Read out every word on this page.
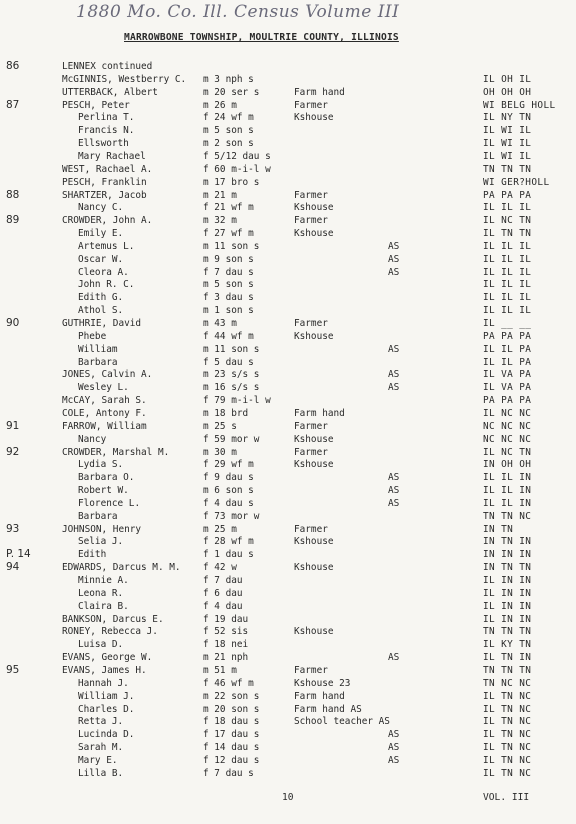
1880 Mo. Co. Ill. Census Volume III
MARROWBONE TOWNSHIP, MOULTRIE COUNTY, ILLINOIS
86	LENNEX continued
McGINNIS, Westberry C. m 3 nph s	IL OH IL
UTTERBACK, Albert	m 20 ser s	Farm hand	OH OH OH
87	PESCH, Peter	m 26 m	Farmer	WI BELG HOLL
Perlina T.	f 24 wf m	Kshouse	IL NY TN
Francis N.	m 5 son s	IL WI IL
Ellsworth	m 2 son s	IL WI IL
Mary Rachael	f 5/12 dau s	IL WI IL
WEST, Rachael A.	f 60 m-i-l w	TN TN TN
PESCH, Franklin	m 17 bro s	WI GER?HOLL
88	SHARTZER, Jacob	m 21 m	Farmer	PA PA PA
Nancy C.	f 21 wf m	Kshouse	IL IL IL
89	CROWDER, John A.	m 32 m	Farmer	IL NC TN
Emily E.	f 27 wf m	Kshouse	IL TN TN
Artemus L.	m 11 son s	AS	IL IL IL
Oscar W.	m 9 son s	AS	IL IL IL
Cleora A.	f 7 dau s	AS	IL IL IL
John R. C.	m 5 son s	IL IL IL
Edith G.	f 3 dau s	IL IL IL
Athol S.	m 1 son s	IL IL IL
90	GUTHRIE, David	m 43 m	Farmer	IL __ __
Phebe	f 44 wf m	Kshouse	PA PA PA
William	m 11 son s	AS	IL IL PA
Barbara	f 5 dau s	IL IL PA
JONES, Calvin A.	m 23 s/s s	AS	IL VA PA
Wesley L.	m 16 s/s s	AS	IL VA PA
McCAY, Sarah S.	f 79 m-i-l w	PA PA PA
COLE, Antony F.	m 18 brd	Farm hand	IL NC NC
91	FARROW, William	m 25 s	Farmer	NC NC NC
Nancy	f 59 mor w	Kshouse	NC NC NC
92	CROWDER, Marshal M.	m 30 m	Farmer	IL NC TN
Lydia S.	f 29 wf m	Kshouse	IN OH OH
Barbara O.	f 9 dau s	AS	IL IL IN
Robert W.	m 6 son s	AS	IL IL IN
Florence L.	f 4 dau s	AS	IL IL IN
Barbara	f 73 mor w	TN TN NC
93	JOHNSON, Henry	m 25 m	Farmer	IN TN
Selia J.	f 28 wf m	Kshouse	IN TN IN
P. 14	Edith	f 1 dau s	IN IN IN
94	EDWARDS, Darcus M. M. f 42 w	Kshouse	IN TN TN
Minnie A.	f 7 dau	IL IN IN
Leona R.	f 6 dau	IL IN IN
Claira B.	f 4 dau	IL IN IN
BANKSON, Darcus E.	f 19 dau	IL IN IN
RONEY, Rebecca J.	f 52 sis	Kshouse	TN TN TN
Luisa D.	f 18 nei	IL KY TN
EVANS, George W.	m 21 nph	AS	IL TN IN
95	EVANS, James H.	m 51 m	Farmer	TN TN TN
Hannah J.	f 46 wf m	Kshouse 23	TN NC NC
William J.	m 22 son s	Farm hand	IL TN NC
Charles D.	m 20 son s	Farm hand AS	IL TN NC
Retta J.	f 18 dau s	School teacher AS	IL TN NC
Lucinda D.	f 17 dau s	AS	IL TN NC
Sarah M.	f 14 dau s	AS	IL TN NC
Mary E.	f 12 dau s	AS	IL TN NC
Lilla B.	f 7 dau s	IL TN NC
10	VOL. III
